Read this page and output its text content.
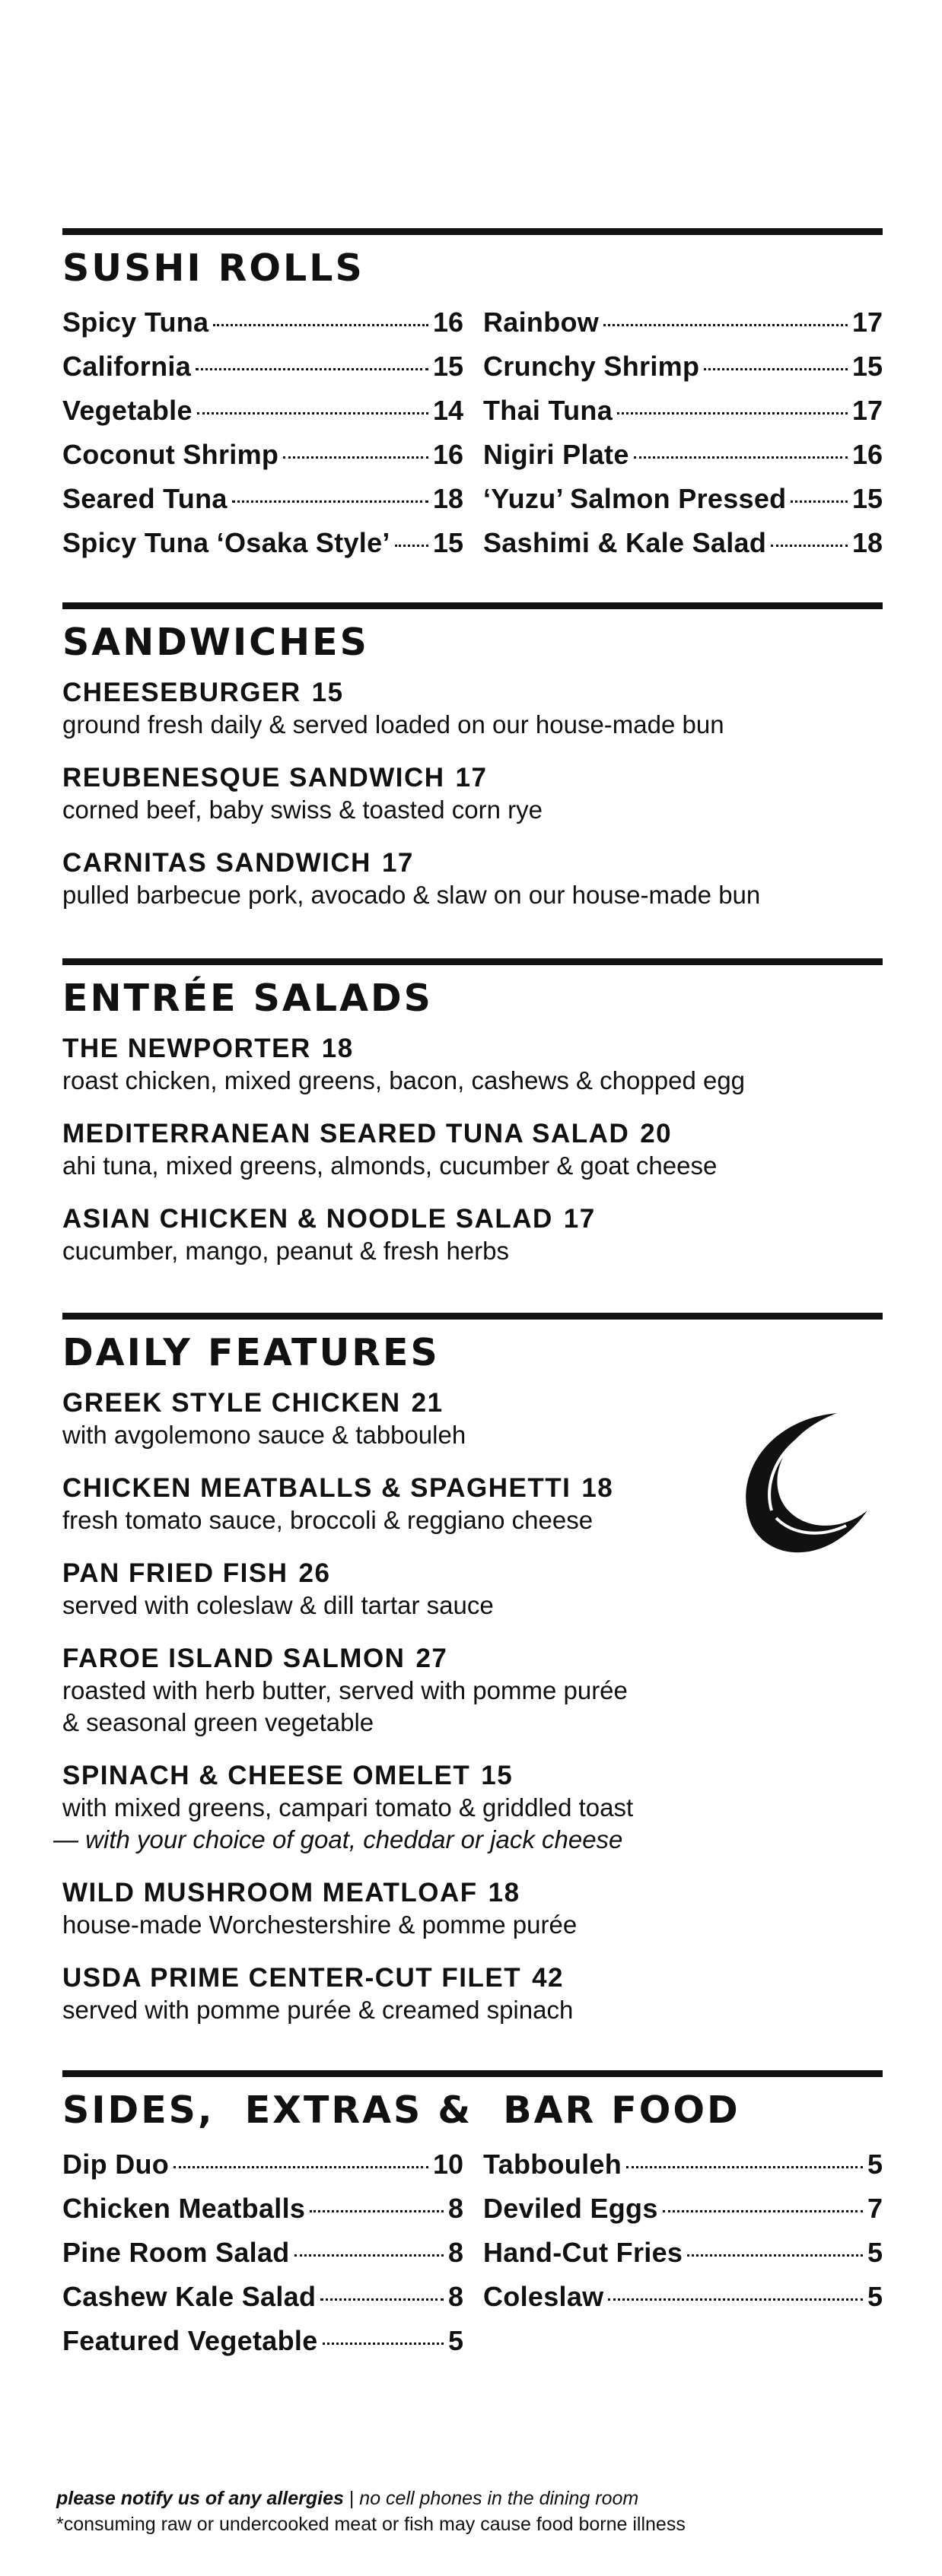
SUSHI ROLLS
Spicy Tuna	16
California	15
Vegetable	14
Coconut Shrimp	16
Seared Tuna	18
Spicy Tuna ‘Osaka Style’ 15
Rainbow	17
Crunchy Shrimp	15
Thai Tuna	17
Nigiri Plate	16
‘Yuzu’ Salmon Pressed 15
Sashimi & Kale Salad	18
SANDWICHES
CHEESEBURGER 15
ground fresh daily & served loaded on our house-made bun
REUBENESQUE SANDWICH 17
corned beef, baby swiss & toasted corn rye
CARNITAS SANDWICH 17
pulled barbecue pork, avocado & slaw on our house-made bun
ENTRÉE SALADS
THE NEWPORTER 18
roast chicken, mixed greens, bacon, cashews & chopped egg
MEDITERRANEAN SEARED TUNA SALAD 20
ahi tuna, mixed greens, almonds, cucumber & goat cheese
ASIAN CHICKEN & NOODLE SALAD 17
cucumber, mango, peanut & fresh herbs
DAILY FEATURES
GREEK STYLE CHICKEN 21
with avgolemono sauce & tabbouleh
CHICKEN MEATBALLS & SPAGHETTI 18
fresh tomato sauce, broccoli & reggiano cheese
PAN FRIED FISH 26
served with coleslaw & dill tartar sauce
FAROE ISLAND SALMON 27
roasted with herb butter, served with pomme purée
& seasonal green vegetable
SPINACH & CHEESE OMELET 15
with mixed greens, campari tomato & griddled toast
— with your choice of goat, cheddar or jack cheese
WILD MUSHROOM MEATLOAF 18
house-made Worchestershire & pomme purée
USDA PRIME CENTER-CUT FILET 42
served with pomme purée & creamed spinach
SIDES,  EXTRAS &  BAR FOOD
Dip Duo	10
Chicken Meatballs	8
Pine Room Salad	8
Cashew Kale Salad	8
Featured Vegetable	5
Tabbouleh	5
Deviled Eggs	7
Hand-Cut Fries	5
Coleslaw	5
please notify us of any allergies | no cell phones in the dining room
*consuming raw or undercooked meat or fish may cause food borne illness
